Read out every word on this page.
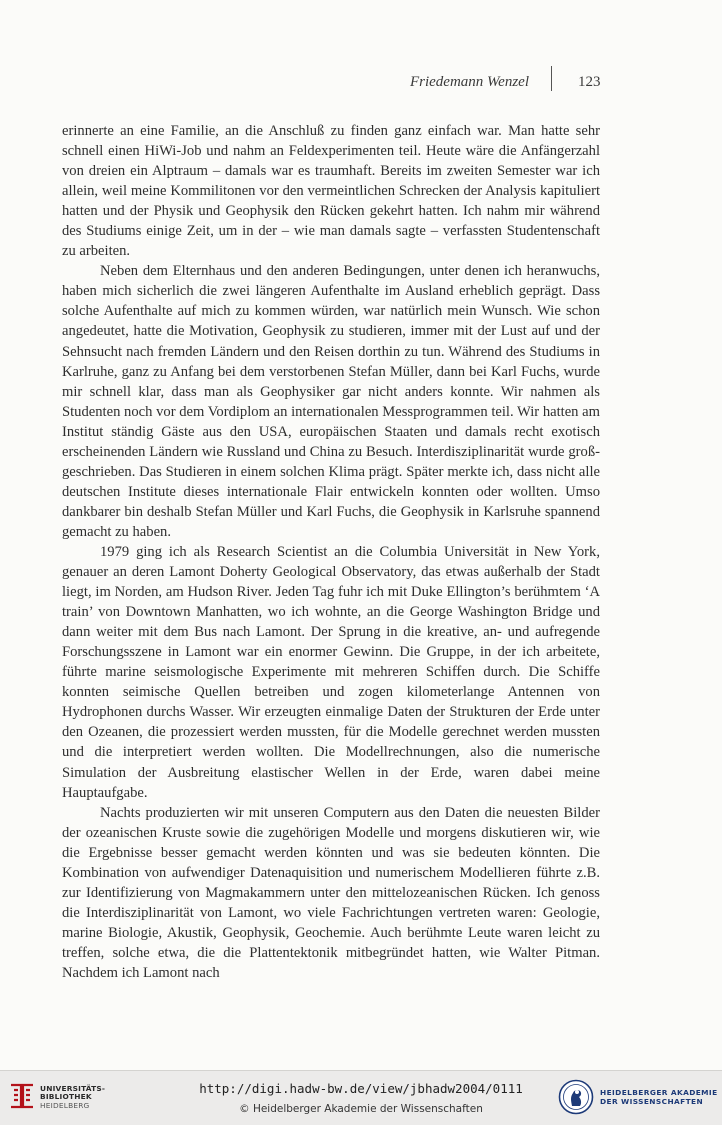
Friedemann Wenzel	123

erinnerte an eine Familie, an die Anschluß zu finden ganz einfach war. Man hatte sehr schnell einen HiWi-Job und nahm an Feldexperimenten teil. Heute wäre die Anfängerzahl von dreien ein Alptraum – damals war es traumhaft. Bereits im zweiten Semester war ich allein, weil meine Kommilitonen vor den vermeintlichen Schrecken der Analysis kapituliert hatten und der Physik und Geophysik den Rücken gekehrt hatten. Ich nahm mir während des Studiums einige Zeit, um in der – wie man damals sagte – verfassten Studentenschaft zu arbeiten.

Neben dem Elternhaus und den anderen Bedingungen, unter denen ich heranwuchs, haben mich sicherlich die zwei längeren Aufenthalte im Ausland erheblich geprägt. Dass solche Aufenthalte auf mich zu kommen würden, war natürlich mein Wunsch. Wie schon angedeutet, hatte die Motivation, Geophysik zu studieren, immer mit der Lust auf und der Sehnsucht nach fremden Ländern und den Reisen dorthin zu tun. Während des Studiums in Karlruhe, ganz zu Anfang bei dem verstorbenen Stefan Müller, dann bei Karl Fuchs, wurde mir schnell klar, dass man als Geophysiker gar nicht anders konnte. Wir nahmen als Studenten noch vor dem Vordiplom an internationalen Messprogrammen teil. Wir hatten am Institut ständig Gäste aus den USA, europäischen Staaten und damals recht exotisch erscheinenden Ländern wie Russland und China zu Besuch. Interdisziplinarität wurde großgeschrieben. Das Studieren in einem solchen Klima prägt. Später merkte ich, dass nicht alle deutschen Institute dieses internationale Flair entwickeln konnten oder wollten. Umso dankbarer bin deshalb Stefan Müller und Karl Fuchs, die Geophysik in Karlsruhe spannend gemacht zu haben.

1979 ging ich als Research Scientist an die Columbia Universität in New York, genauer an deren Lamont Doherty Geological Observatory, das etwas außerhalb der Stadt liegt, im Norden, am Hudson River. Jeden Tag fuhr ich mit Duke Ellington’s berühmtem ‘A train’ von Downtown Manhatten, wo ich wohnte, an die George Washington Bridge und dann weiter mit dem Bus nach Lamont. Der Sprung in die kreative, an- und aufregende Forschungsszene in Lamont war ein enormer Gewinn. Die Gruppe, in der ich arbeitete, führte marine seismologische Experimente mit mehreren Schiffen durch. Die Schiffe konnten seimische Quellen betreiben und zogen kilometerlange Antennen von Hydrophonen durchs Wasser. Wir erzeugten einmalige Daten der Strukturen der Erde unter den Ozeanen, die prozessiert werden mussten, für die Modelle gerechnet werden mussten und die interpretiert werden wollten. Die Modellrechnungen, also die numerische Simulation der Ausbreitung elastischer Wellen in der Erde, waren dabei meine Hauptaufgabe.

Nachts produzierten wir mit unseren Computern aus den Daten die neuesten Bilder der ozeanischen Kruste sowie die zugehörigen Modelle und morgens diskutieren wir, wie die Ergebnisse besser gemacht werden könnten und was sie bedeuten könnten. Die Kombination von aufwendiger Datenaquisition und numerischem Modellieren führte z.B. zur Identifizierung von Magmakammern unter den mittelozeanischen Rücken. Ich genoss die Interdisziplinarität von Lamont, wo viele Fachrichtungen vertreten waren: Geologie, marine Biologie, Akustik, Geophysik, Geochemie. Auch berühmte Leute waren leicht zu treffen, solche etwa, die die Plattentektonik mitbegründet hatten, wie Walter Pitman. Nachdem ich Lamont nach

UNIVERSITÄTS-
BIBLIOTHEK
HEIDELBERG
http://digi.hadw-bw.de/view/jbhadw2004/0111
© Heidelberger Akademie der Wissenschaften
HEIDELBERGER AKADEMIE
DER WISSENSCHAFTEN
